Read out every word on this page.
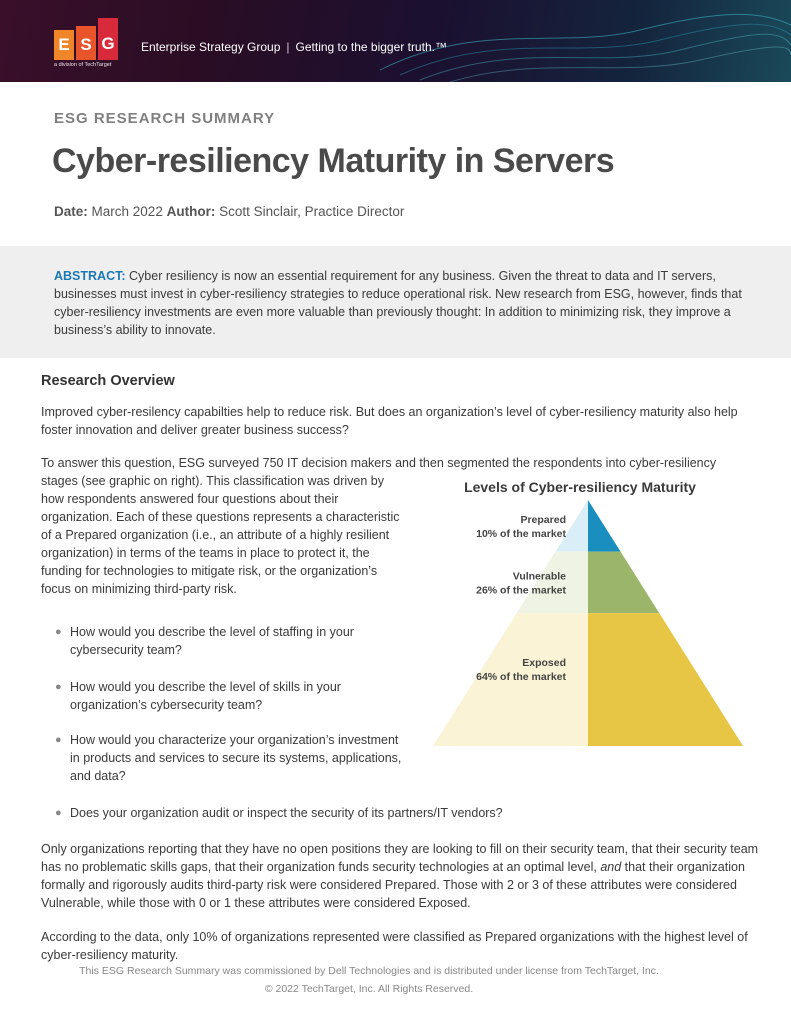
E S G
a division of TechTarget
Enterprise Strategy Group | Getting to the bigger truth.™
ESG RESEARCH SUMMARY
Cyber-resiliency Maturity in Servers
Date: March 2022 Author: Scott Sinclair, Practice Director

ABSTRACT: Cyber resiliency is now an essential requirement for any business. Given the threat to data and IT servers, businesses must invest in cyber-resiliency strategies to reduce operational risk. New research from ESG, however, finds that cyber-resiliency investments are even more valuable than previously thought: In addition to minimizing risk, they improve a business’s ability to innovate.

Research Overview

Improved cyber-resilency capabilties help to reduce risk. But does an organization’s level of cyber-resiliency maturity also help foster innovation and deliver greater business success?

To answer this question, ESG surveyed 750 IT decision makers and then segmented the respondents into cyber-resiliency

stages (see graphic on right). This classification was driven by how respondents answered four questions about their organization. Each of these questions represents a characteristic of a Prepared organization (i.e., an attribute of a highly resilient organization) in terms of the teams in place to protect it, the funding for technologies to mitigate risk, or the organization’s focus on minimizing third-party risk.

● How would you describe the level of staffing in your cybersecurity team?
● How would you describe the level of skills in your organization’s cybersecurity team?
● How would you characterize your organization’s investment in products and services to secure its systems, applications, and data?
● Does your organization audit or inspect the security of its partners/IT vendors?

Only organizations reporting that they have no open positions they are looking to fill on their security team, that their security team has no problematic skills gaps, that their organization funds security technologies at an optimal level, and that their organization formally and rigorously audits third-party risk were considered Prepared. Those with 2 or 3 of these attributes were considered Vulnerable, while those with 0 or 1 these attributes were considered Exposed.

According to the data, only 10% of organizations represented were classified as Prepared organizations with the highest level of cyber-resiliency maturity.

This ESG Research Summary was commissioned by Dell Technologies and is distributed under license from TechTarget, Inc.
© 2022 TechTarget, Inc. All Rights Reserved.
Levels of Cyber-resiliency Maturity
Prepared
10% of the market
Vulnerable
26% of the market
Exposed
64% of the market
